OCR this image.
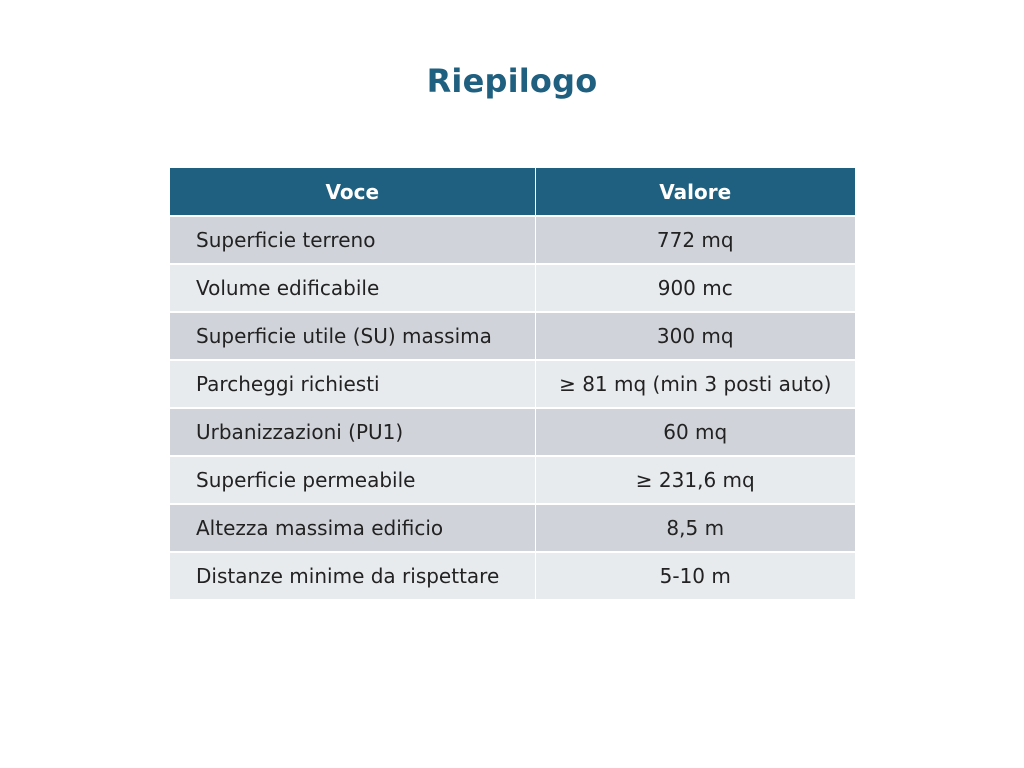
Riepilogo
Voce	Valore
Superficie terreno	772 mq
Volume edificabile	900 mc
Superficie utile (SU) massima	300 mq
Parcheggi richiesti	≥ 81 mq (min 3 posti auto)
Urbanizzazioni (PU1)	60 mq
Superficie permeabile	≥ 231,6 mq
Altezza massima edificio	8,5 m
Distanze minime da rispettare	5-10 m
